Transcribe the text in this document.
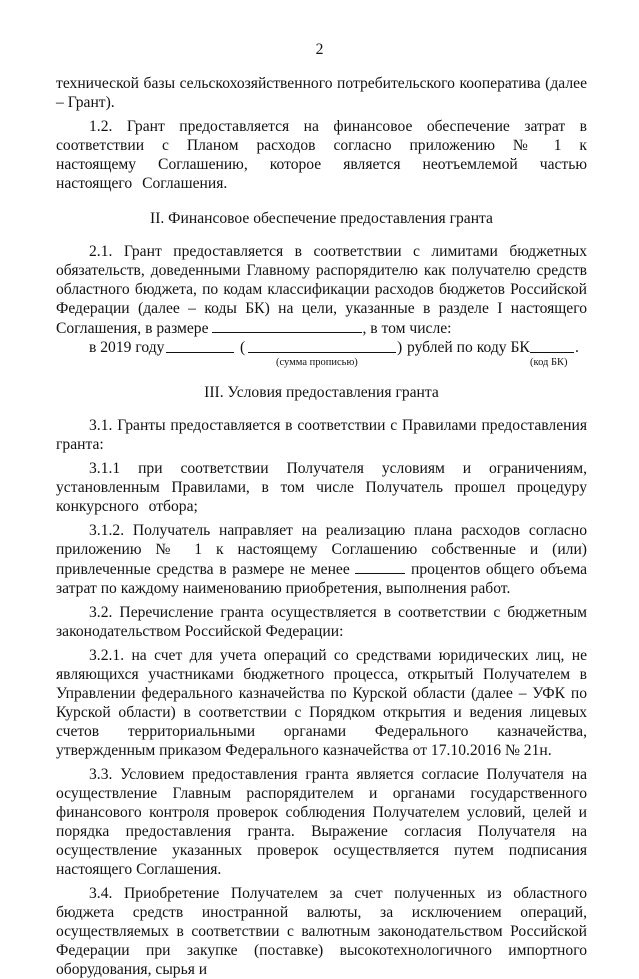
2

технической базы сельскохозяйственного потребительского кооператива (далее – Грант).

1.2. Грант предоставляется на финансовое обеспечение затрат в соответствии с Планом расходов согласно приложению № 1 к настоящему Соглашению, которое является неотъемлемой частью настоящего Соглашения.

II. Финансовое обеспечение предоставления гранта

2.1. Грант предоставляется в соответствии с лимитами бюджетных обязательств, доведенными Главному распорядителю как получателю средств областного бюджета, по кодам классификации расходов бюджетов Российской Федерации (далее – коды БК) на цели, указанные в разделе I настоящего Соглашения, в размере	, в том числе:

в 2019 году	(	) рублей по коду БК	.
(сумма прописью)	(код БК)

III. Условия предоставления гранта

3.1. Гранты предоставляется в соответствии с Правилами предоставления гранта:

3.1.1 при соответствии Получателя условиям и ограничениям, установленным Правилами, в том числе Получатель прошел процедуру конкурсного отбора;

3.1.2. Получатель направляет на реализацию плана расходов согласно приложению № 1 к настоящему Соглашению собственные и (или) привлеченные средства в размере не менее	процентов общего объема затрат по каждому наименованию приобретения, выполнения работ.

3.2. Перечисление гранта осуществляется в соответствии с бюджетным законодательством Российской Федерации:

3.2.1. на счет для учета операций со средствами юридических лиц, не являющихся участниками бюджетного процесса, открытый Получателем в Управлении федерального казначейства по Курской области (далее – УФК по Курской области) в соответствии с Порядком открытия и ведения лицевых счетов территориальными органами Федерального казначейства, утвержденным приказом Федерального казначейства от 17.10.2016 № 21н.

3.3. Условием предоставления гранта является согласие Получателя на осуществление Главным распорядителем и органами государственного финансового контроля проверок соблюдения Получателем условий, целей и порядка предоставления гранта. Выражение согласия Получателя на осуществление указанных проверок осуществляется путем подписания настоящего Соглашения.

3.4. Приобретение Получателем за счет полученных из областного бюджета средств иностранной валюты, за исключением операций, осуществляемых в соответствии с валютным законодательством Российской Федерации при закупке (поставке) высокотехнологичного импортного оборудования, сырья и
